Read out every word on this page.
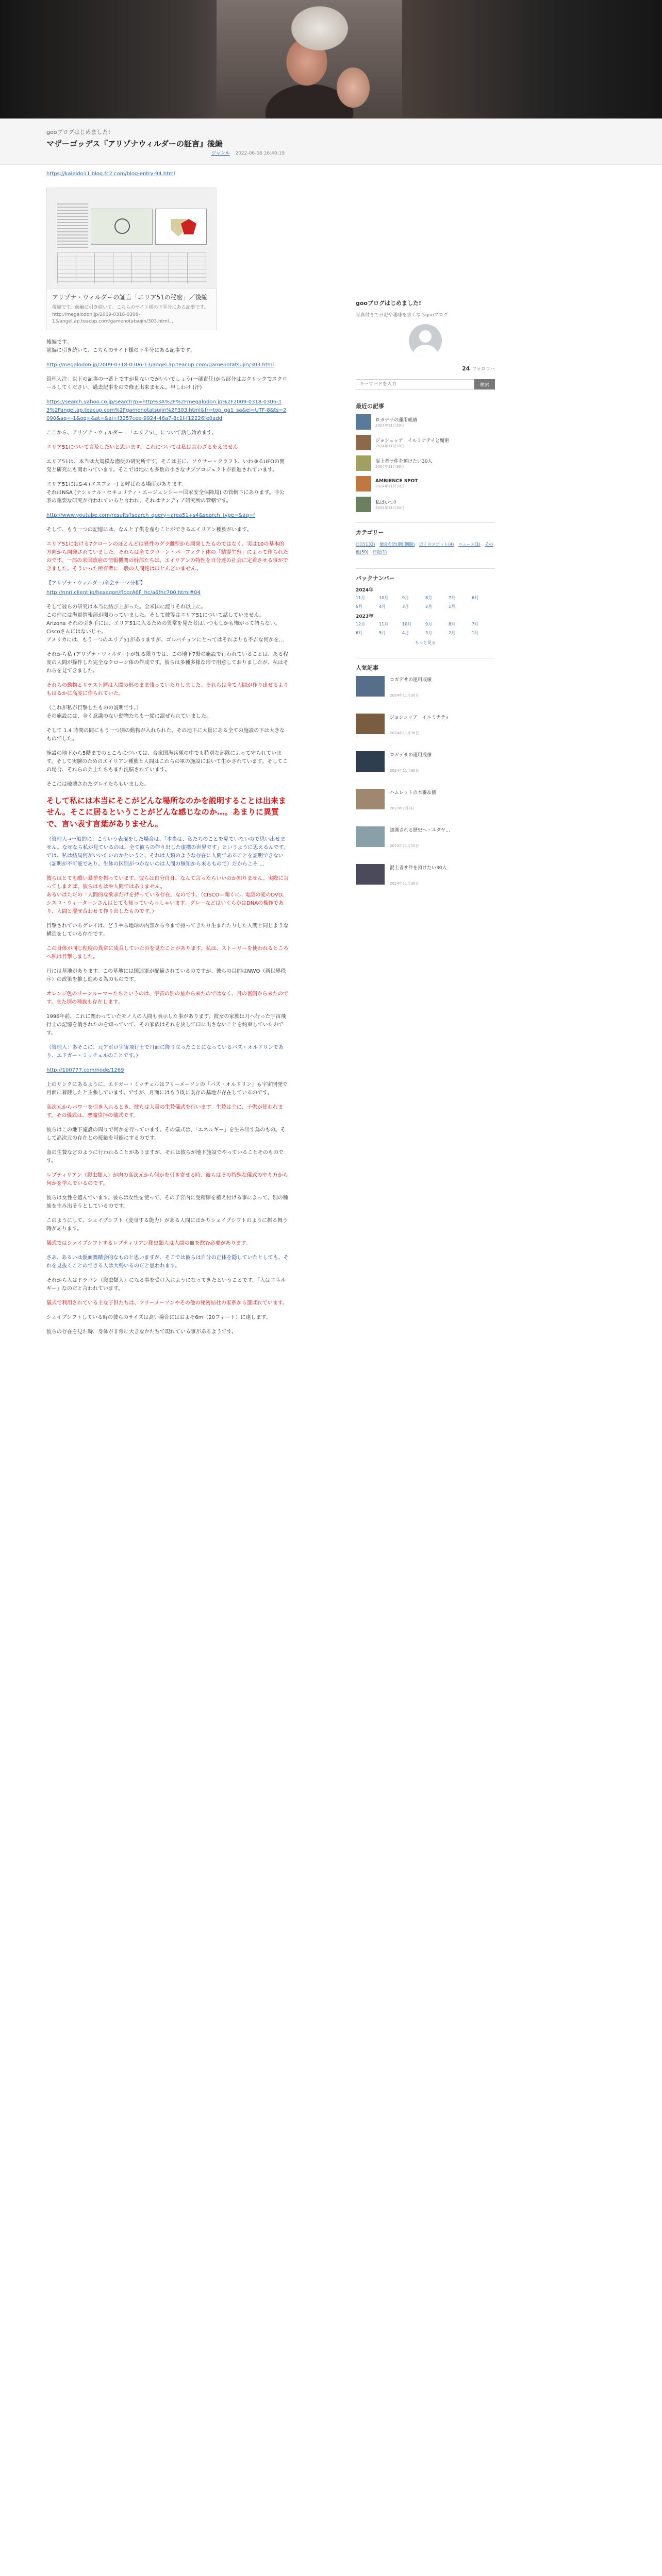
gooブログはじめました!
マザーゴッデス『アリゾナウィルダーの証言』後編
ジャンル 2022-06-08 16:40:19
https://kaleido11.blog.fc2.com/blog-entry-94.html
アリゾナ・ウィルダーの証言「エリア51の秘密」／後編
後編です。前編に引き続いて、こちらのサイト様の下半分にある記事です。http://megalodon.jp/2009-0318-0306-13/angel.ap.teacup.com/gamenotatsujin/303.html...
後編です。
前編に引き続いて、こちらのサイト様の下半分にある記事です。
http://megalodon.jp/2009-0318-0306-13/angel.ap.teacup.com/gamenotatsujin/303.html
管理人注：以下の記事の一番上ですが見ないでがいいでしょう(一部責任)から部分はおクリックでスクロールしてください。過去記事をので修正出来ません。申しわけ (汗)
https://search.yahoo.co.jp/search?p=http%3A%2F%2Fmegalodon.jp%2F2009-0318-0306-13%2Fangel.ap.teacup.com%2Fgamenotatsujin%2F303.html&fr=top_ga1_sa&ei=UTF-8&ts=2090&aq=-1&oq=&at=&ai=f3257cee-9924-46a7-8c1f-f12226fe0add
ここから、アリゾナ・ウィルダー＝「エリア51」について話し始めます。
エリア51について言及したいと思います。これについては私は言わざるをえません
エリア51は、本当は大規模な潜伏の研究所です。そこは主に、ソウサー・クラフト、いわゆるUFOの開発と研究にも関わっています。そこでは地にも多数の小さなサブプロジェクトが推進されています。
エリア51にはS-4 (エスフォー) と呼ばれる場所があります。
それはNSA (ナショナル・セキュリティ・エージェンシー＝国家安全保障局) の管轄下にあります。非公表の重要な研究が行われていると言われ、それはサンディア研究所の管轄です。
http://www.youtube.com/results?search_query=area51+s4&search_type=&aq=f
そして、もう一つの記憶には、なんと子供を産むことができるエイリアン種族がいます。
エリア51における7クローンのほとんどは異性のグラ雌型から開発したものではなく、実は10の基本的方向から開発されていました。それらは全てクローン・パーフェクト体の「精霊生殖」によって作られたのです。一部の米国政府の情報機関の幹部たちは、エイリアンの特性を自分達の社会に定着させる事ができました。そういった所有者に一般の人間達はほとんどいません。
【アリゾナ・ウィルダー/全会テーマ分析】
http://nnri.client.jp/hexagon/floorA6F_hc/a6fhc700.html#04
そして彼らの研究は本当に結び上がった。全米国に渡りそれ以上に。
この件には海軍情報部が関わっていました。そして彼等はエリア51について話していません。
Arizona それの引き手には、エリア51に入るための異常を見た者はいつもしかも怖がって語らない。Ciscoさんにはないじゃ。
アメリカには、もう一つのエリア51がありますが、ゴルバチョフにとってはそれよりも不吉な何かを…
それから私 (アリゾナ・ウィルダー) が知る限りでは、この地下7階の施設で行われていることは、ある程度の人間が操作した完全なクローン体の作成です。彼らは多種多様な形で用意しておりましたが、私はそれらを見てきました。
それらの動物とリテスト層は人間の形のまま残っていたりしました。それらは全て人間が作り出せるよりもはるかに高度に作られていた。
（これが私が目撃したものの説明です。）
その施設には、全く意識のない動物たちも一緒に混ぜられていました。
そして 1.4 時間の間にもう一つ別の動物が入れられた。その地下に大量にある全ての施設の下は大きなものでした。
施設の地下から5階までのところについては、合衆国海兵隊の中でも特別な部隊によって守られています。そして実験のためのエイリアン種族と人間はこれらの軍の施設において生かされています。そしてこの場合、それらの兵士たちもまた洗脳されています。
そこには破壊されたグレイたちもいました。
そして私には本当にそこがどんな場所なのかを説明することは出来ません。そこに居るということがどんな感じなのか…。あまりに異質で、言い表す言葉がありません。
（管理人→一般的に、こういう表現をした場合は、「本当は、私たちのことを見ていないので思い出せません。なぜなら私が見ているのは、全て彼らの作り出した虚構の世界です」というように思えるんです。では、私は結局何がいいたいのかというと、それは人類のような存在に人間であることを証明できない（証明が不可能であり、生体の区別がつかないのは人間の無知から来るもので）だからこそ ...
彼らはとても酷い暴挙を振っています。彼らは自分自身、なんて言ったらいいのか知りません。実際に言ってしまえば、彼らはもはや人間ではありません。
あるいはただの「人間的な欲求だけを持っている存在」なのです。（CISCO＝聞くに、電話の愛のDVD, シスコ・ウィーターンさんはとても知っていらっしゃいます。グレーなどはいくらかはDNAの操作であり、人間と混ぜ合わせて作り出したものです。）
目撃されているグレイは、どうやら地球の内部から今まで持ってきたり生まれたりした人間と同じような構造をしている存在です。
この身体が同じ程度の異常に成長していたのを見たことがあります。私は、ストーリーを使われるところへ私は目撃しました。
月には基地があります。この基地には国連軍が配備されているのですが、彼らの目的はNWO（新世界秩序）の政策を推し進める為のものです。
オレンジ色のリーンルーマーたちというのは、宇宙の別の星から来たのではなく、月の裏側から来たのです。また別の種族も存在します。
1996年前、これに関わっていたモノ人の人間も表示した事があります。彼女の家族は月へ行った宇宙飛行士の記憶を消されたのを知っていて、その家族はそれを決して口に出さないことを約束していたのです。
（管理人：あそこに、元アポロ宇宙飛行士で月面に降り立ったことになっているバズ・オルドリンであり、エドガー・ミッチェルのことです。）
http://100777.com/node/1269
上のリンクにあるように、エドガー・ミッチェルはフリーメーソンの「バズ・オルドリン」も宇宙開発で月面に着陸したと主張しています。ですが、月面にはもう既に既存の基地が存在しているのです。
高次元からパワーを引き入れるとき、彼らは大量の生贄儀式を行います。生贄は主に、子供が使われます。その儀式は、悪魔崇拝の儀式です。
彼らはこの地下施設の周りで何かを行っています。その儀式は、「エネルギー」を生み出す為のもの。そして高次元の存在との接触を可能にするのです。
血の生贄などのように行われることがありますが、それは彼らが地下施設でやっていることそのものです。
レプティリアン（爬虫類人）が肉の高次元から何かを引き寄せる時、彼らはその特殊な儀式のやり方から何かを学んでいるのです。
彼らは女性を選んでいます。彼らは女性を使って、その子宮内に受精卵を植え付ける事によって、別の種族を生み出そうとしているのです。
このようにして、シェイプシフト（変身する能力）がある人間にばかりシェイプシフトのように振る舞う時があります。
儀式ではシェイプシフトするレプティリアン爬虫類人は人間の血を飲む必要があります。
さあ、あるいは仮面舞踏会的なものと思いますが、そこでは彼らは自分の正体を隠していたとしても、それを見抜くことのできる人は大勢いるのだと思われます。
それから人はドラゴン（爬虫類人）になる事を受け入れようになってきたということです。「人はエネルギー」なのだと言われています。
儀式で利用されている主な子供たちは、フリーメーソンやその他の秘密結社の家系から選ばれています。
シェイプシフトしている時の彼らのサイズは高い場合にはおよそ6m（20フィート）に達します。
彼らの存在を見た時、身体が非常に大きなかたちで現れている事があるようです。
gooブログはじめました!
写真付きで日記や趣味を書くならgooブログ
24 フォロワー
キーワードを入力
検索
最近の記事
ロガデサの運用成績
2024年11月30日
ジョシュッア　イルミナテイと魔術
2024年11月30日
混上者サ件を預けたい30人
2024年11月30日
AMBIENCE SPOT
2024年11月30日
私はいつ?
2024年11月30日
カテゴリー
日記(133) 便会を語(期)(期間) 近くのスポット(4) ニュース(1) その他(50) 日記(1)
バックナンバー
2024年
11月	10月	9月	8月	7月	6月
5月	4月	3月	2月	1月
2023年
12月	11月	10月	9月	8月	7月
6月	5月	4月	3月	2月	1月
もっと見る
人気記事
ロガデサの運用成績
2024年11月30日
ジョシュッア　イルミナティ
2024年11月30日
ロガデサの運用成績
2024年11月30日
ハムレットの本番＆儀
2023年7月8日
謎測される歴史ヘ・ユダヤ…
2023年11月10日
混上者サ件を預けたい30人
2024年11月30日
